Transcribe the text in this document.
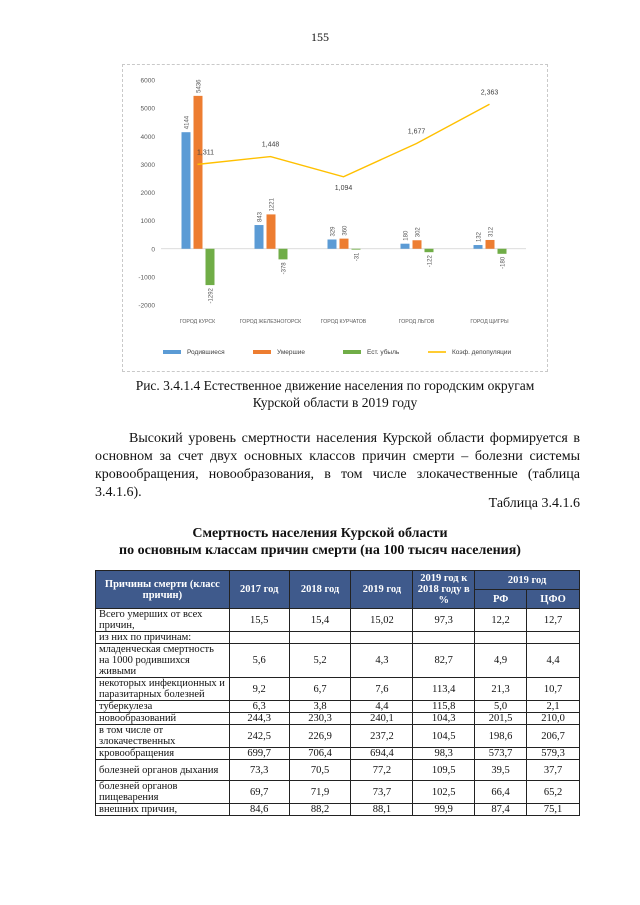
155
6000
5000
4000
3000
2000
1000
0
-1000
-2000
4144
5436
-1292
ГОРОД КУРСК
843
1221
-378
ГОРОД ЖЕЛЕЗНОГОРСК
329 360
-31
ГОРОД КУРЧАТОВ
180 302
-122
ГОРОД ЛЬГОВ
132
312
-180
ГОРОД ЩИГРЫ
1,311
1,448
1,094
1,677
2,363
Родившиеся	Умершие	Ест. убыль	Коэф. депопуляции
Рис. 3.4.1.4 Естественное движение населения по городским округам
Курской области в 2019 году
Высокий уровень смертности населения Курской области формируется в основном за счет двух основных классов причин смерти – болезни системы кровообращения, новообразования, в том числе злокачественные (таблица 3.4.1.6).
Таблица 3.4.1.6
Смертность населения Курской области
по основным классам причин смерти (на 100 тысяч населения)
Причины смерти (класс причин)	2017 год	2018 год	2019 год	2019 год к 2018 году в %	2019 год	
					РФ	ЦФО
Всего умерших от всех причин,	15,5	15,4	15,02	97,3	12,2	12,7
из них по причинам:						
младенческая смертность на 1000 родившихся живыми	5,6	5,2	4,3	82,7	4,9	4,4
некоторых инфекционных и паразитарных болезней	9,2	6,7	7,6	113,4	21,3	10,7
туберкулеза	6,3	3,8	4,4	115,8	5,0	2,1
новообразований	244,3	230,3	240,1	104,3	201,5	210,0
в том числе от злокачественных	242,5	226,9	237,2	104,5	198,6	206,7
кровообращения	699,7	706,4	694,4	98,3	573,7	579,3
болезней органов дыхания	73,3	70,5	77,2	109,5	39,5	37,7
болезней органов пищеварения	69,7	71,9	73,7	102,5	66,4	65,2
внешних причин,	84,6	88,2	88,1	99,9	87,4	75,1
